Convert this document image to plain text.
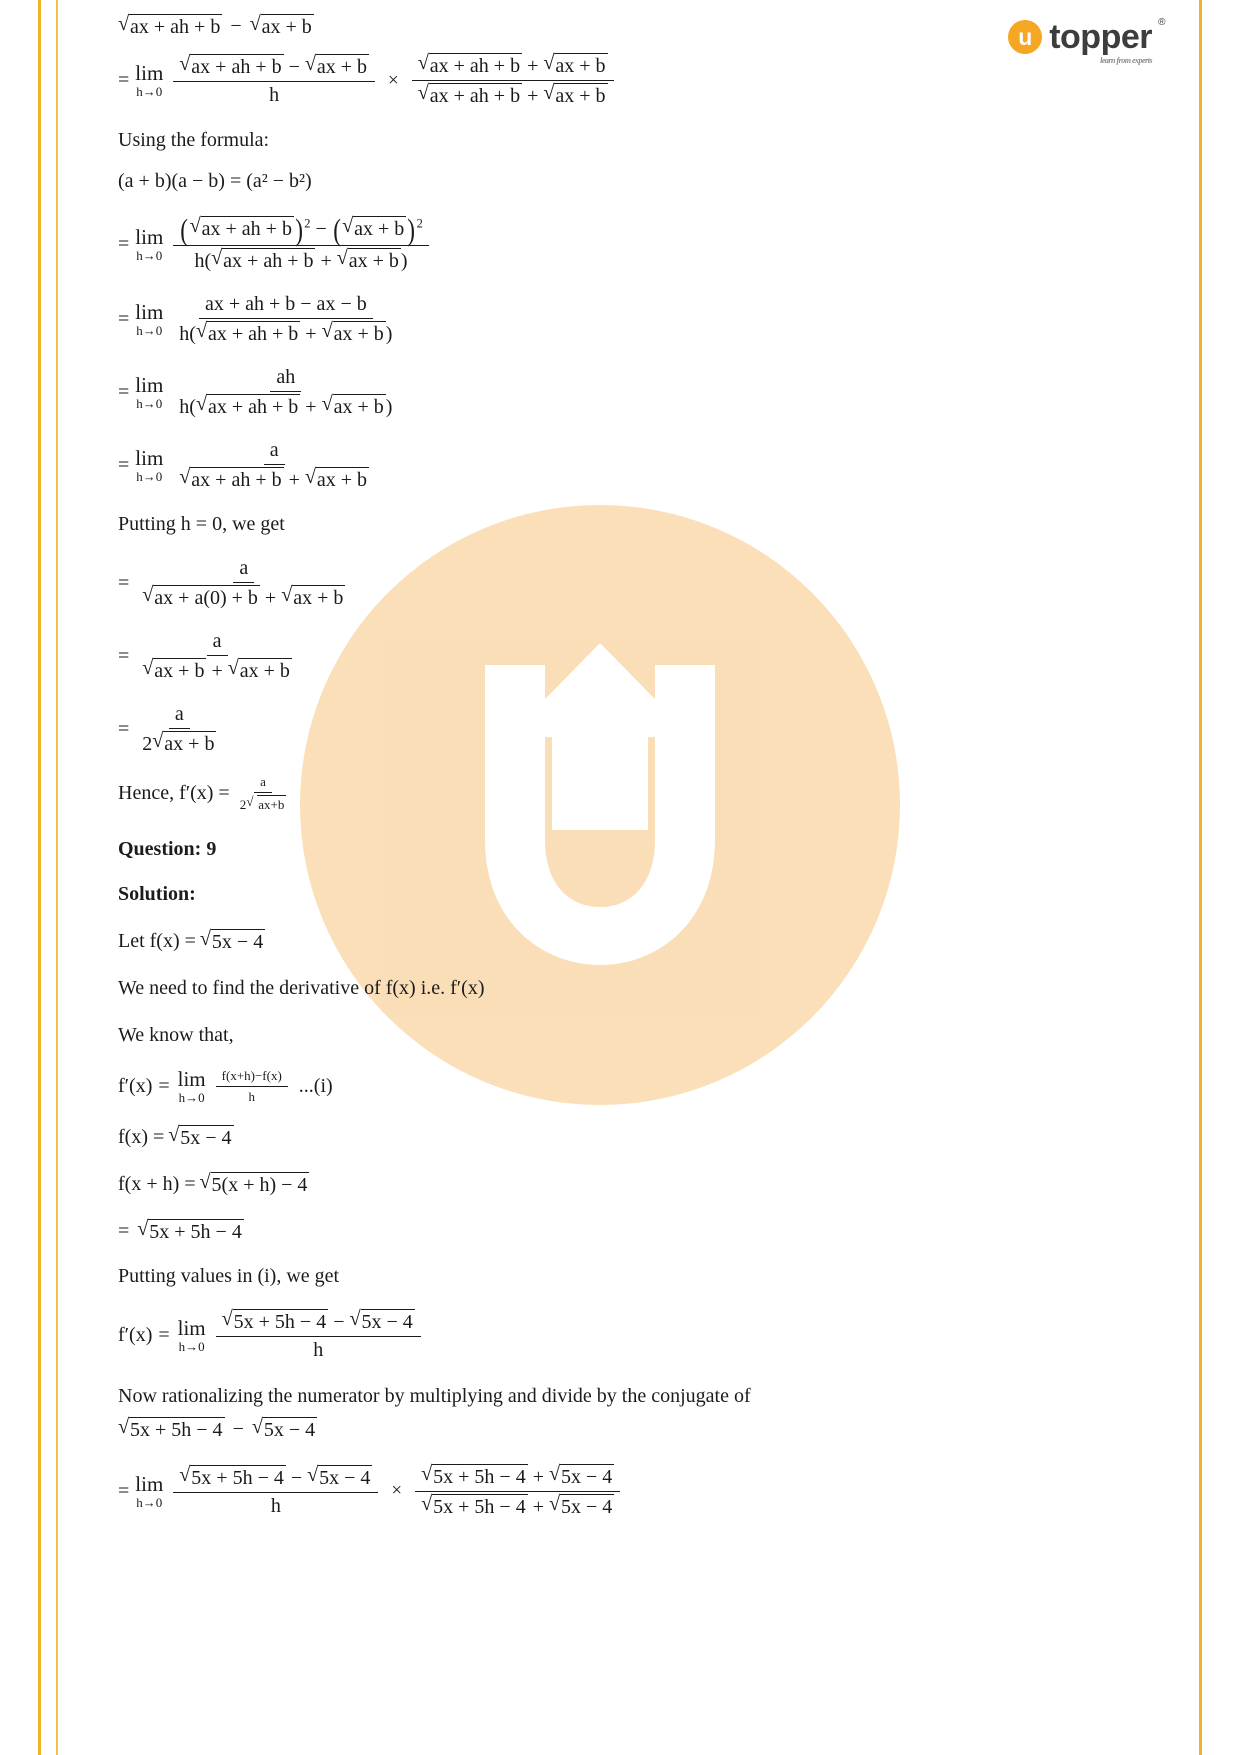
u topper ®
learn from experts
√ ax + ah + b −	√ ax + b
= lim
h→0 √ $\frac{ax + ah + b - √ ax + b}{h}$ × √ ax + ah + b + √ ax + b
√ ax + ah + b + √ ax + b

Using the formula:

(a + b)(a − b) = (a² − b²)

= lim
$h\to 0 \frac{( √ ax + ah + b )^2 - ( √ ax + b )^2}{h( √ ax + ah + b + √ ax + b )}$
= lim
$h\to 0 \frac{ax + ah + b - ax - b}{h( √ ax + ah + b + √ ax + b )}$
= lim
$h\to 0 \frac{ah}{h( √ ax + ah + b + √ ax + b )}$
= lim
h→0 a
√ ax + ah + b + √ ax + b

Putting h = 0, we get

= a
√ ax + a(0) + b + √ ax + b
= a
√ ax + b + √ ax + b
= $\frac{a}{2 √ ax + b}$
Hence, $f'(x) = \frac{a}{2 √ ax+b}$

Question: 9

Solution:

Let f(x) = √ 5x − 4

We need to find the derivative of f(x) i.e. f′(x)

We know that,

f′(x) = lim
$h\to 0 \frac{f(x+h)-f(x)}{h} ...(i)$
f(x) = √ 5x − 4
f(x + h) = √ 5(x + h) − 4
=	√ 5x + 5h − 4

Putting values in (i), we get

f′(x) = lim
h→0 √ $\frac{5x + 5h - 4 - √ 5x - 4}{h}$

Now rationalizing the numerator by multiplying and divide by the conjugate of

√ 5x + 5h − 4 −	√ 5x − 4
= lim
h→0 √ $\frac{5x + 5h - 4 - √ 5x - 4}{h}$ × √ 5x + 5h − 4 + √ 5x − 4
√ 5x + 5h − 4 + √ 5x − 4
